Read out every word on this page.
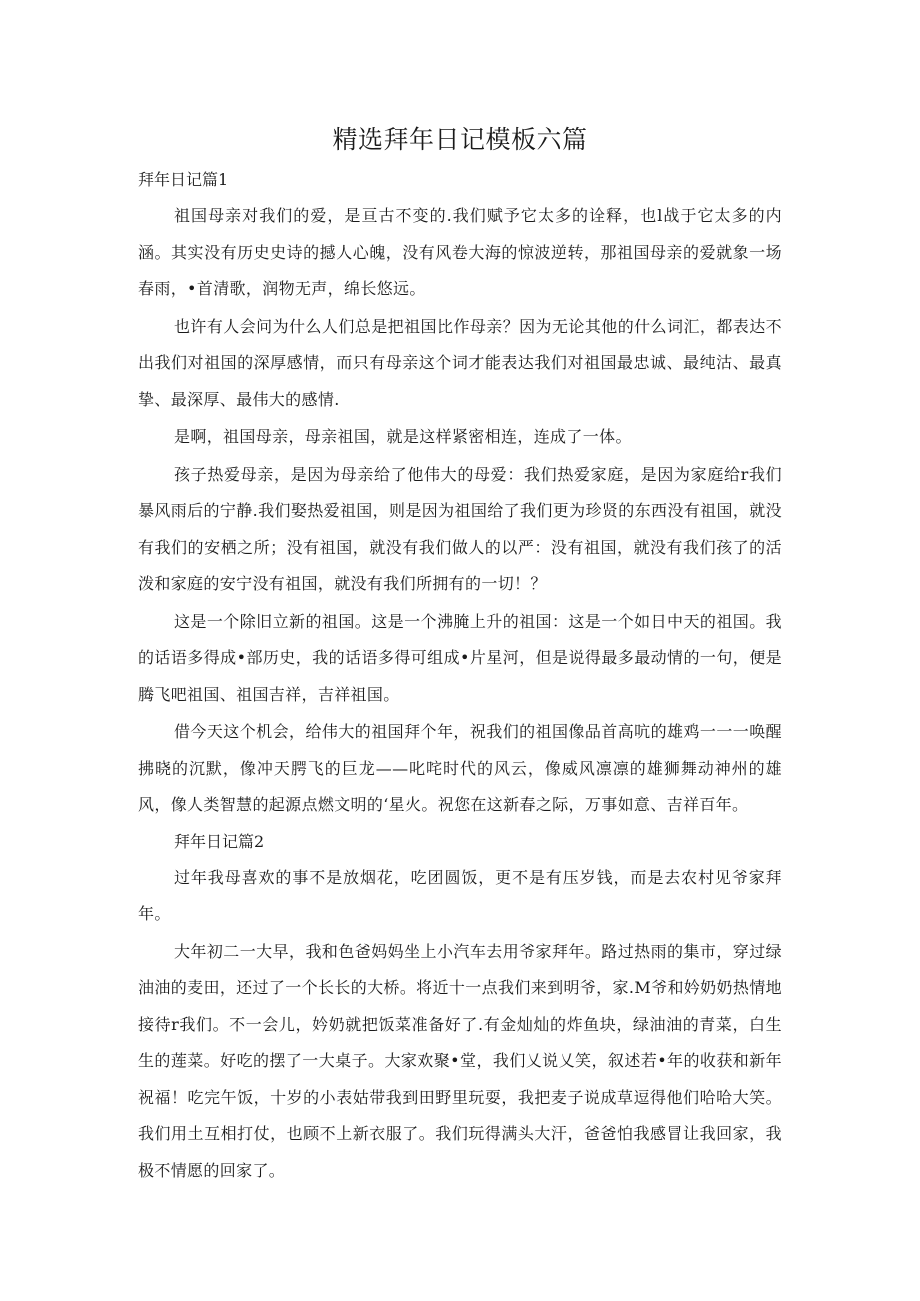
精选拜年日记模板六篇

拜年日记篇1

祖国母亲对我们的爱，是亘古不变的.我们赋予它太多的诠释，也l战于它太多的内涵。其实没有历史史诗的撼人心魄，没有风卷大海的惊波逆转，那祖国母亲的爱就象一场春雨，•首清歌，润物无声，绵长悠远。

也许有人会问为什么人们总是把祖国比作母亲？因为无论其他的什么词汇，都表达不出我们对祖国的深厚感情，而只有母亲这个词才能表达我们对祖国最忠诚、最纯沽、最真挚、最深厚、最伟大的感情.

是啊，祖国母亲，母亲祖国，就是这样紧密相连，连成了一体。

孩子热爱母亲，是因为母亲给了他伟大的母爱：我们热爱家庭，是因为家庭给r我们暴风雨后的宁静.我们娶热爱祖国，则是因为祖国给了我们更为珍贤的东西没有祖国，就没有我们的安栖之所；没有祖国，就没有我们做人的以严：没有祖国，就没有我们孩了的活泼和家庭的安宁没有祖国，就没有我们所拥有的一切！？

这是一个除旧立新的祖国。这是一个沸腌上升的祖国：这是一个如日中天的祖国。我的话语多得成•部历史，我的话语多得可组成•片星河，但是说得最多最动情的一句，便是腾飞吧祖国、祖国吉祥，吉祥祖国。

借今天这个机会，给伟大的祖国拜个年，祝我们的祖国像品首高吭的雄鸡一一一唤醒拂晓的沉默，像冲天腭飞的巨龙——叱咤时代的风云，像威风凛凛的雄狮舞动神州的雄风，像人类智慧的起源点燃文明的‘星火。祝您在这新春之际，万事如意、吉祥百年。

拜年日记篇2

过年我母喜欢的事不是放烟花，吃团圆饭，更不是有压岁钱，而是去农村见爷家拜年。

大年初二一大早，我和色爸妈妈坐上小汽车去用爷家拜年。路过热雨的集市，穿过绿油油的麦田，还过了一个长长的大桥。将近十一点我们来到明爷，家.M爷和妗奶奶热情地接待r我们。不一会儿，妗奶就把饭菜准备好了.有金灿灿的炸鱼块，绿油油的青菜，白生生的莲菜。好吃的摆了一大桌子。大家欢聚•堂，我们乂说乂笑，叙述若•年的收获和新年祝福！吃完午饭，十岁的小表姑带我到田野里玩耍，我把麦子说成草逗得他们哈哈大笑。我们用土互相打仗，也顾不上新衣服了。我们玩得满头大汗，爸爸怕我感冒让我回家，我极不情愿的回家了。
